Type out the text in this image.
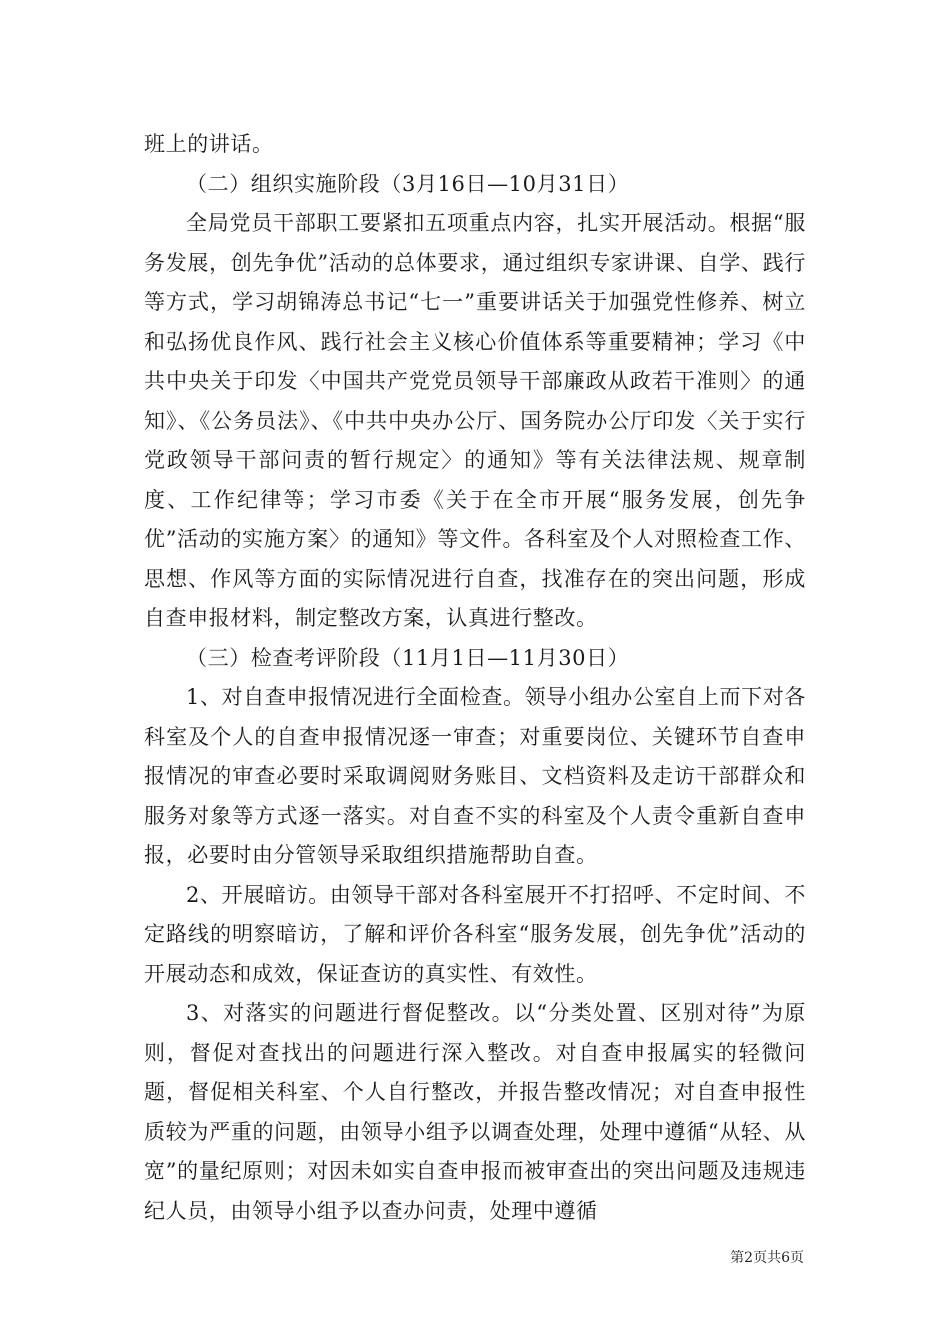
班上的讲话。

（二）组织实施阶段（3月16日—10月31日）

全局党员干部职工要紧扣五项重点内容，扎实开展活动。根据“服务发展，创先争优”活动的总体要求，通过组织专家讲课、自学、践行等方式，学习胡锦涛总书记“七一”重要讲话关于加强党性修养、树立和弘扬优良作风、践行社会主义核心价值体系等重要精神；学习《中共中央关于印发〈中国共产党党员领导干部廉政从政若干准则〉的通知》、《公务员法》、《中共中央办公厅、国务院办公厅印发〈关于实行党政领导干部问责的暂行规定〉的通知》等有关法律法规、规章制度、工作纪律等；学习市委《关于在全市开展“服务发展，创先争优”活动的实施方案〉的通知》等文件。各科室及个人对照检查工作、思想、作风等方面的实际情况进行自查，找准存在的突出问题，形成自查申报材料，制定整改方案，认真进行整改。

（三）检查考评阶段（11月1日—11月30日）

1、对自查申报情况进行全面检查。领导小组办公室自上而下对各科室及个人的自查申报情况逐一审查；对重要岗位、关键环节自查申报情况的审查必要时采取调阅财务账目、文档资料及走访干部群众和服务对象等方式逐一落实。对自查不实的科室及个人责令重新自查申报，必要时由分管领导采取组织措施帮助自查。

2、开展暗访。由领导干部对各科室展开不打招呼、不定时间、不定路线的明察暗访，了解和评价各科室“服务发展，创先争优”活动的开展动态和成效，保证查访的真实性、有效性。

3、对落实的问题进行督促整改。以“分类处置、区别对待”为原则，督促对查找出的问题进行深入整改。对自查申报属实的轻微问题，督促相关科室、个人自行整改，并报告整改情况；对自查申报性质较为严重的问题，由领导小组予以调查处理，处理中遵循“从轻、从宽”的量纪原则；对因未如实自查申报而被审查出的突出问题及违规违纪人员，由领导小组予以查办问责，处理中遵循

第2页共6页
